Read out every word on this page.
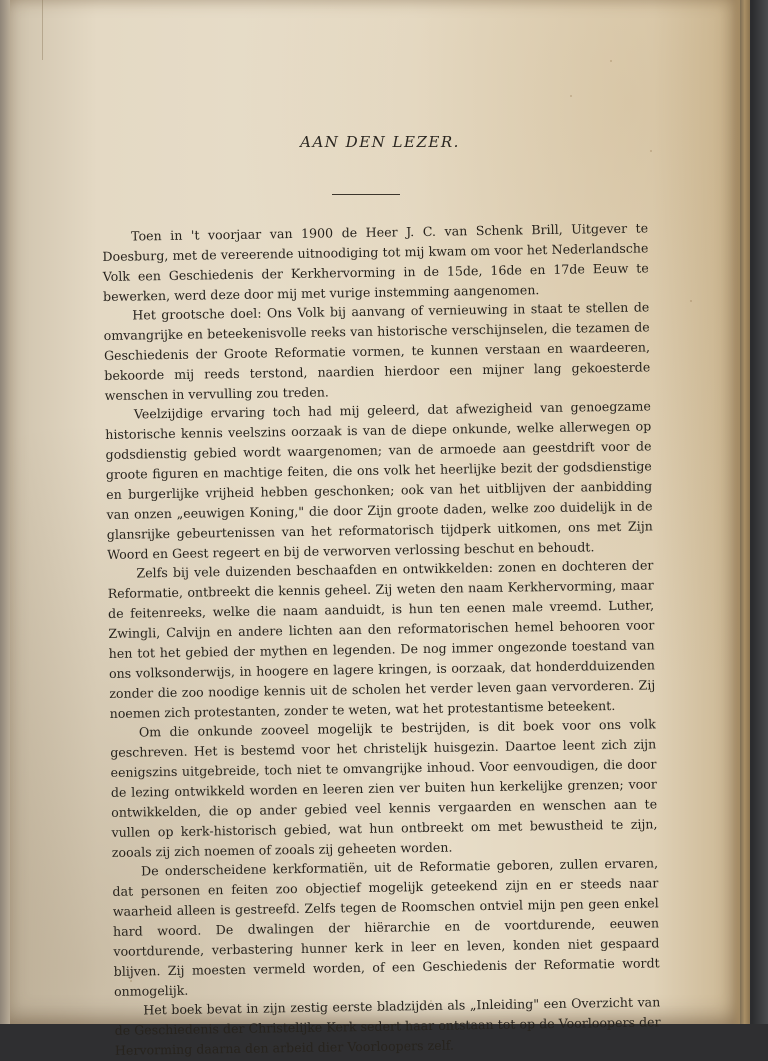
AAN DEN LEZER.

Toen in 't voorjaar van 1900 de Heer J. C. van Schenk Brill, Uitgever te Doesburg, met de vereerende uitnoodiging tot mij kwam om voor het Nederlandsche Volk een Geschiedenis der Kerkhervorming in de 15de, 16de en 17de Eeuw te bewerken, werd deze door mij met vurige instemming aangenomen.

Het grootsche doel: Ons Volk bij aanvang of vernieuwing in staat te stellen de omvangrijke en beteekenisvolle reeks van historische verschijnselen, die tezamen de Geschiedenis der Groote Reformatie vormen, te kunnen verstaan en waardeeren, bekoorde mij reeds terstond, naardien hierdoor een mijner lang gekoesterde wenschen in vervulling zou treden.

Veelzijdige ervaring toch had mij geleerd, dat afwezigheid van genoegzame historische kennis veelszins oorzaak is van de diepe onkunde, welke allerwegen op godsdienstig gebied wordt waargenomen; van de armoede aan geestdrift voor de groote figuren en machtige feiten, die ons volk het heerlijke bezit der godsdienstige en burgerlijke vrijheid hebben geschonken; ook van het uitblijven der aanbidding van onzen „eeuwigen Koning," die door Zijn groote daden, welke zoo duidelijk in de glansrijke gebeurtenissen van het reformatorisch tijdperk uitkomen, ons met Zijn Woord en Geest regeert en bij de verworven verlossing beschut en behoudt.

Zelfs bij vele duizenden beschaafden en ontwikkelden: zonen en dochteren der Reformatie, ontbreekt die kennis geheel. Zij weten den naam Kerkhervorming, maar de feitenreeks, welke die naam aanduidt, is hun ten eenen male vreemd. Luther, Zwingli, Calvijn en andere lichten aan den reformatorischen hemel behooren voor hen tot het gebied der mythen en legenden. De nog immer ongezonde toestand van ons volksonderwijs, in hoogere en lagere kringen, is oorzaak, dat honderdduizenden zonder die zoo noodige kennis uit de scholen het verder leven gaan vervorderen. Zij noemen zich protestanten, zonder te weten, wat het protestantisme beteekent.

Om die onkunde zooveel mogelijk te bestrijden, is dit boek voor ons volk geschreven. Het is bestemd voor het christelijk huisgezin. Daartoe leent zich zijn eenigszins uitgebreide, toch niet te omvangrijke inhoud. Voor eenvoudigen, die door de lezing ontwikkeld worden en leeren zien ver buiten hun kerkelijke grenzen; voor ontwikkelden, die op ander gebied veel kennis vergaarden en wenschen aan te vullen op kerk-historisch gebied, wat hun ontbreekt om met bewustheid te zijn, zooals zij zich noemen of zooals zij geheeten worden.

De onderscheidene kerkformatiën, uit de Reformatie geboren, zullen ervaren, dat personen en feiten zoo objectief mogelijk geteekend zijn en er steeds naar waarheid alleen is gestreefd. Zelfs tegen de Roomschen ontviel mijn pen geen enkel hard woord. De dwalingen der hiërarchie en de voortdurende, eeuwen voortdurende, verbastering hunner kerk in leer en leven, konden niet gespaard blijven. Zij moesten vermeld worden, of een Geschiedenis der Reformatie wordt onmogelijk.

Het boek bevat in zijn zestig eerste bladzijden als „Inleiding" een Overzicht van de Geschiedenis der Christelijke Kerk sedert haar ontstaan tot op de Voorloopers der Hervorming daarna den arbeid dier Voorloopers zelf.
